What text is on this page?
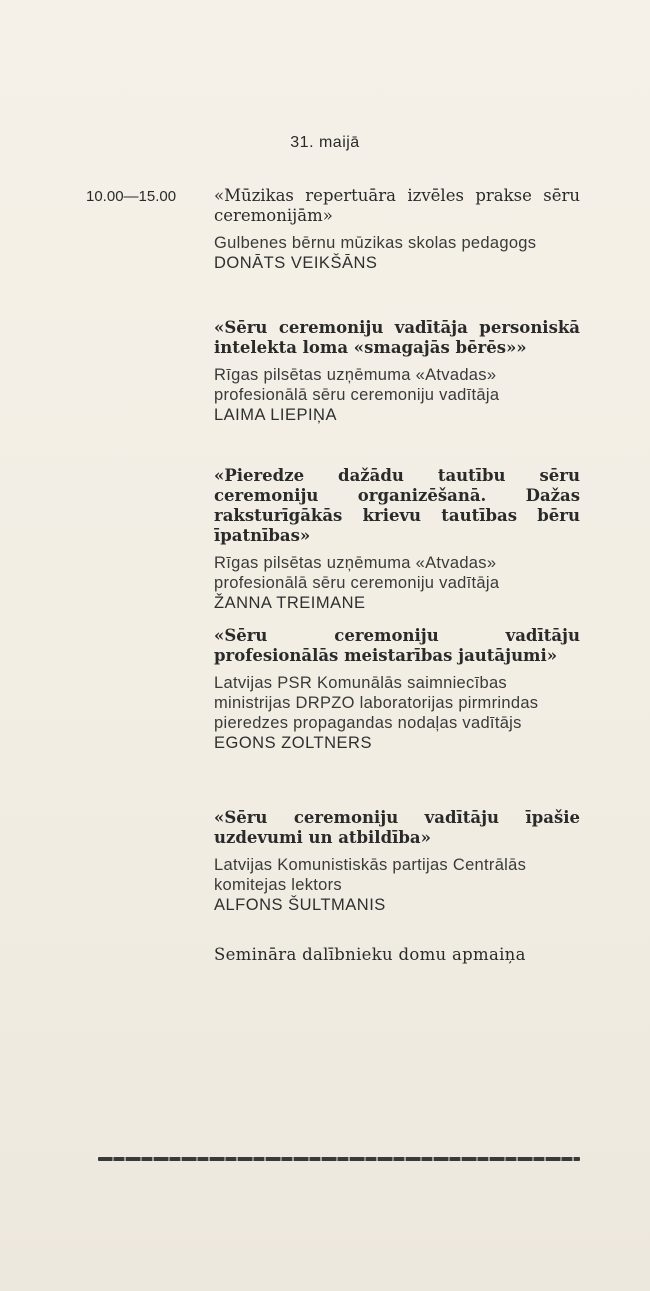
31. maijā
10.00—15.00 «Mūzikas repertuāra izvēles prakse sēru ceremonijām»
Gulbenes bērnu mūzikas skolas pedagogs
DONĀTS VEIKŠĀNS
«Sēru ceremoniju vadītāja personiskā intelekta loma «smagajās bērēs»»
Rīgas pilsētas uzņēmuma «Atvadas» profesionālā sēru ceremoniju vadītāja
LAIMA LIEPIŅA
«Pieredze dažādu tautību sēru ceremoniju organizēšanā. Dažas raksturīgākās krievu tautības bēru īpatnības»
Rīgas pilsētas uzņēmuma «Atvadas» profesionālā sēru ceremoniju vadītāja
ŽANNA TREIMANE
«Sēru ceremoniju vadītāju profesionālās meistarības jautājumi»
Latvijas PSR Komunālās saimniecības ministrijas DRPZO laboratorijas pirmrindas pieredzes propagandas nodaļas vadītājs
EGONS ZOLTNERS
«Sēru ceremoniju vadītāju īpašie uzdevumi un atbildība»
Latvijas Komunistiskās partijas Centrālās komitejas lektors
ALFONS ŠULTMANIS
Semināra dalībnieku domu apmaiņa
